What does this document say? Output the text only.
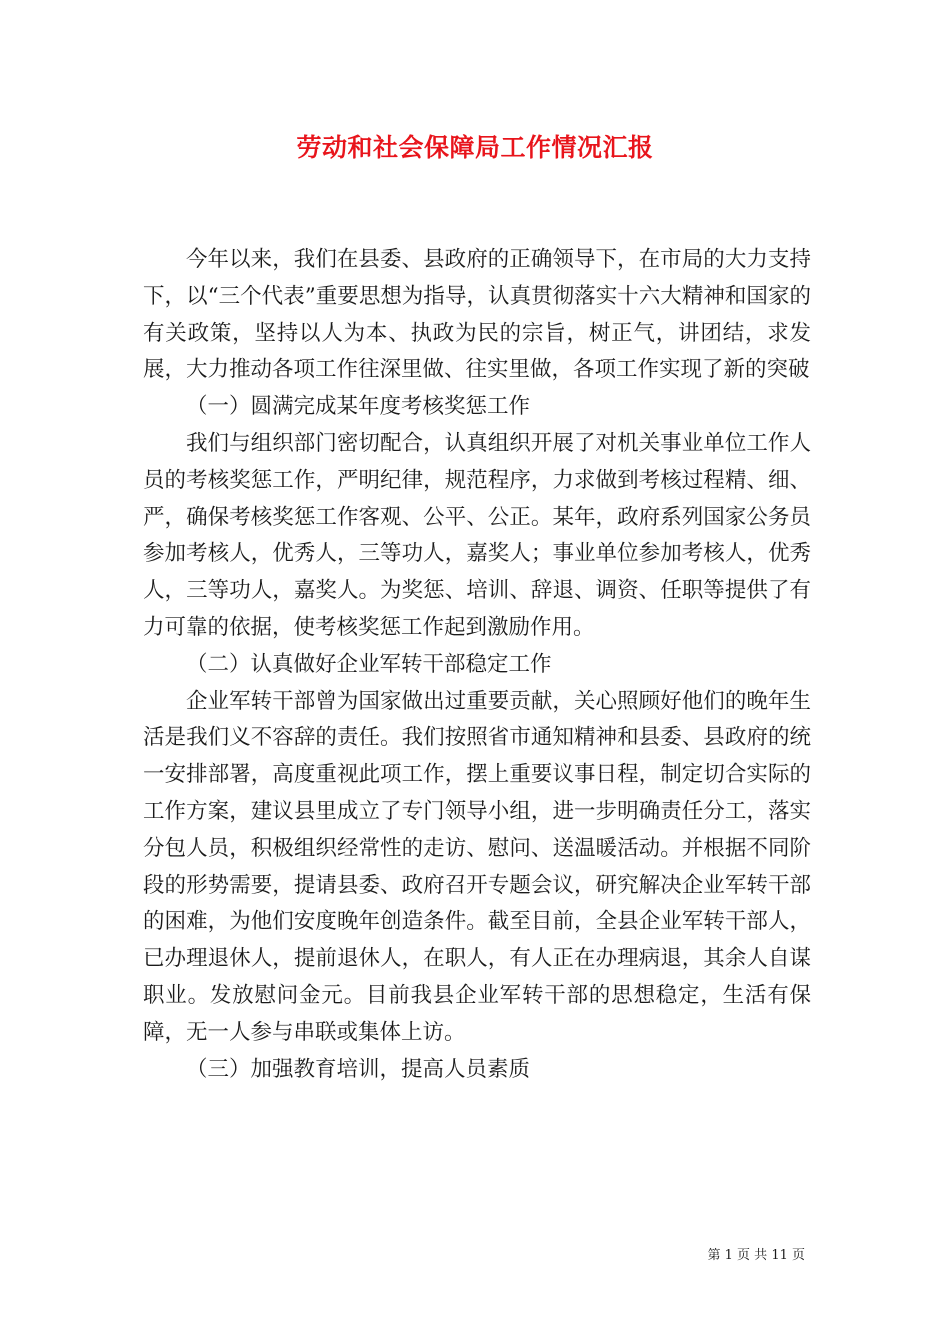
劳动和社会保障局工作情况汇报

今年以来，我们在县委、县政府的正确领导下，在市局的大力支持下，以“三个代表”重要思想为指导，认真贯彻落实十六大精神和国家的有关政策，坚持以人为本、执政为民的宗旨，树正气，讲团结，求发展，大力推动各项工作往深里做、往实里做，各项工作实现了新的突破

（一）圆满完成某年度考核奖惩工作

我们与组织部门密切配合，认真组织开展了对机关事业单位工作人员的考核奖惩工作，严明纪律，规范程序，力求做到考核过程精、细、严，确保考核奖惩工作客观、公平、公正。某年，政府系列国家公务员参加考核人，优秀人，三等功人，嘉奖人；事业单位参加考核人，优秀人，三等功人，嘉奖人。为奖惩、培训、辞退、调资、任职等提供了有力可靠的依据，使考核奖惩工作起到激励作用。

（二）认真做好企业军转干部稳定工作

企业军转干部曾为国家做出过重要贡献，关心照顾好他们的晚年生活是我们义不容辞的责任。我们按照省市通知精神和县委、县政府的统一安排部署，高度重视此项工作，摆上重要议事日程，制定切合实际的工作方案，建议县里成立了专门领导小组，进一步明确责任分工，落实分包人员，积极组织经常性的走访、慰问、送温暖活动。并根据不同阶段的形势需要，提请县委、政府召开专题会议，研究解决企业军转干部的困难，为他们安度晚年创造条件。截至目前，全县企业军转干部人，已办理退休人，提前退休人，在职人，有人正在办理病退，其余人自谋职业。发放慰问金元。目前我县企业军转干部的思想稳定，生活有保障，无一人参与串联或集体上访。

（三）加强教育培训，提高人员素质

第 1 页 共 11 页
